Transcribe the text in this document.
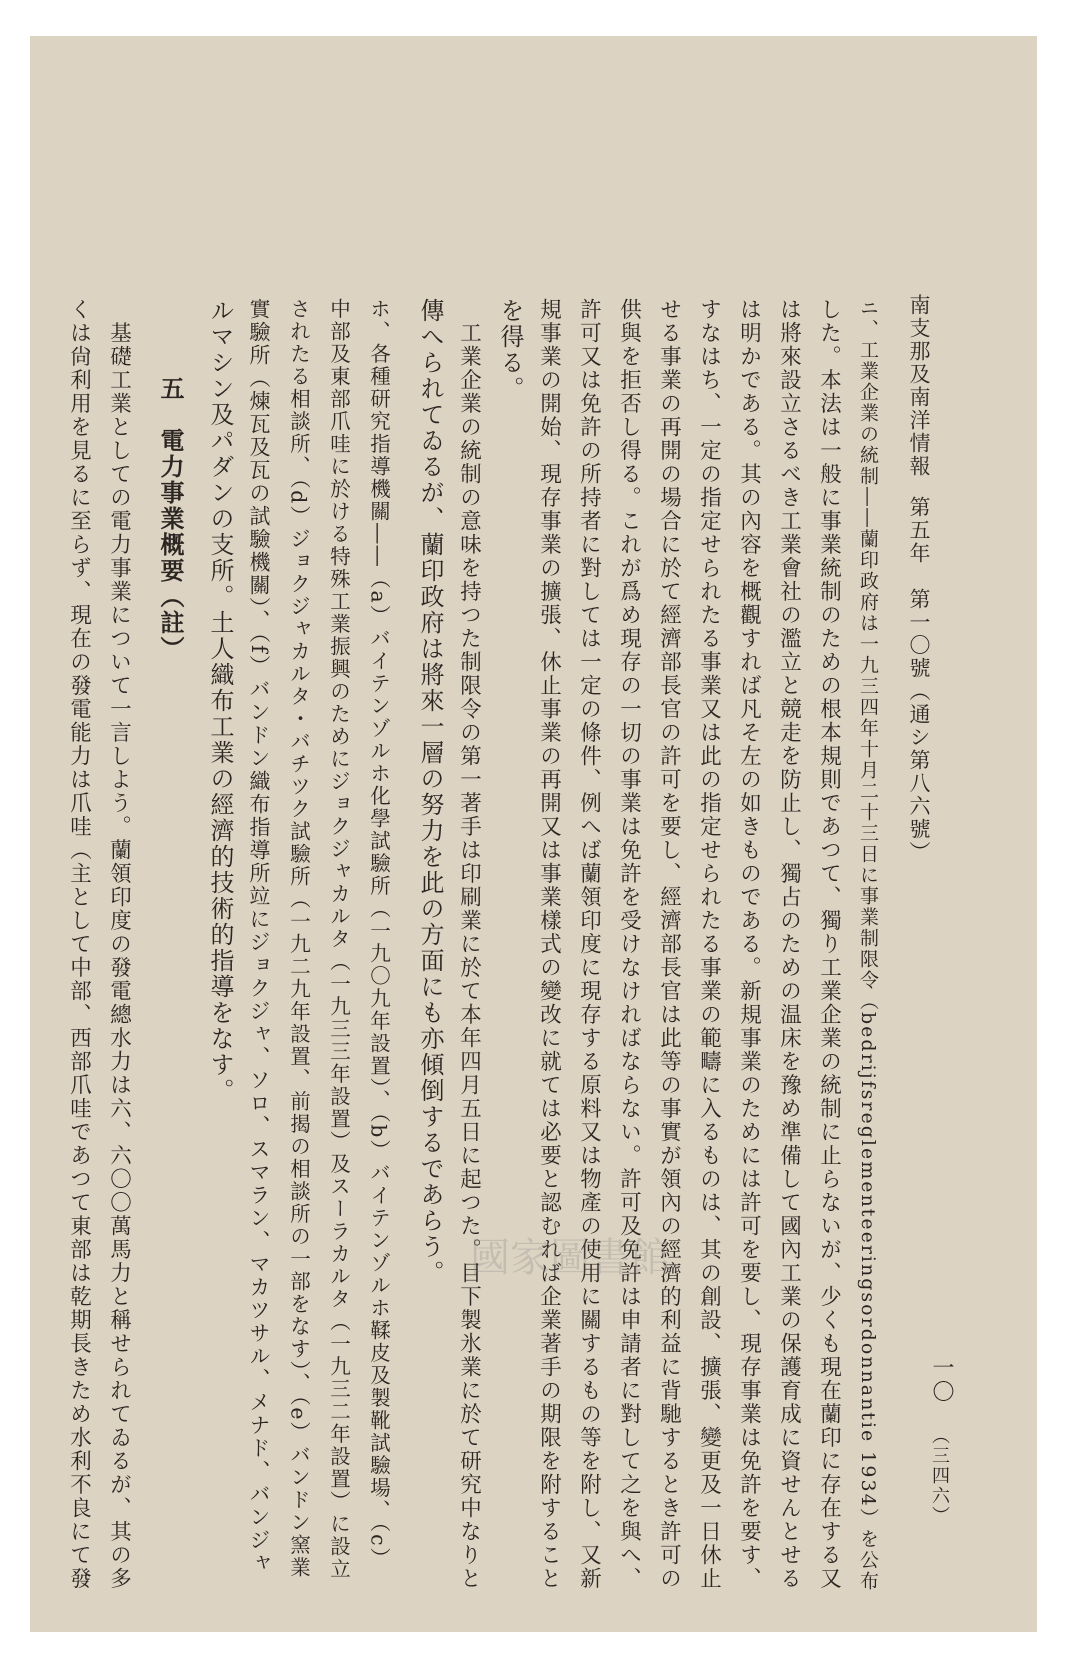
南支那及南洋情報
第五年　第一〇號（通シ第八六號）
一〇
（三四六）
ニ、工業企業の統制――蘭印政府は一九三四年十月二十三日に事業制限令（bedrijfsreglementeeringsordonnantie 1934）を公布
した。本法は一般に事業統制のための根本規則であつて、獨り工業企業の統制に止らないが、少くも現在蘭印に存在する又
は將來設立さるべき工業會社の濫立と競走を防止し、獨占のための温床を豫め準備して國內工業の保護育成に資せんとせる
は明かである。其の內容を概觀すれば凡そ左の如きものである。新規事業のためには許可を要し、現存事業は免許を要す、
すなはち、一定の指定せられたる事業又は此の指定せられたる事業の範疇に入るものは、其の創設、擴張、變更及一日休止
せる事業の再開の場合に於て經濟部長官の許可を要し、經濟部長官は此等の事實が領內の經濟的利益に背馳するとき許可の
供與を拒否し得る。これが爲め現存の一切の事業は免許を受けなければならない。許可及免許は申請者に對して之を與へ、
許可又は免許の所持者に對しては一定の條件、例へば蘭領印度に現存する原料又は物產の使用に關するもの等を附し、又新
規事業の開始、現存事業の擴張、休止事業の再開又は事業樣式の變改に就ては必要と認むれば企業著手の期限を附すること
を得る。
　工業企業の統制の意味を持つた制限令の第一著手は印刷業に於て本年四月五日に起つた。目下製氷業に於て研究中なりと
傳へられてゐるが、蘭印政府は將來一層の努力を此の方面にも亦傾倒するであらう。
ホ、各種研究指導機關――（a）バイテンゾルホ化學試驗所（一九〇九年設置）、（b）バイテンゾルホ鞣皮及製靴試驗場、（c）
中部及東部爪哇に於ける特殊工業振興のためにジョクジャカルタ（一九三三年設置）及スーラカルタ（一九三二年設置）に設立
されたる相談所、（d）ジョクジャカルタ・バチツク試驗所（一九二九年設置、前揭の相談所の一部をなす）、（e）バンドン窯業
實驗所（煉瓦及瓦の試驗機關）、（f）バンドン織布指導所竝にジョクジャ、ソロ、スマラン、マカツサル、メナド、バンジャ
ルマシン及パダンの支所。土人織布工業の經濟的技術的指導をなす。
　　　五　電力事業概要（註）
　基礎工業としての電力事業について一言しよう。蘭領印度の發電總水力は六、六〇〇萬馬力と稱せられてゐるが、其の多
くは尙利用を見るに至らず、現在の發電能力は爪哇（主として中部、西部爪哇であつて東部は乾期長きため水利不良にて發	國家圖書館
